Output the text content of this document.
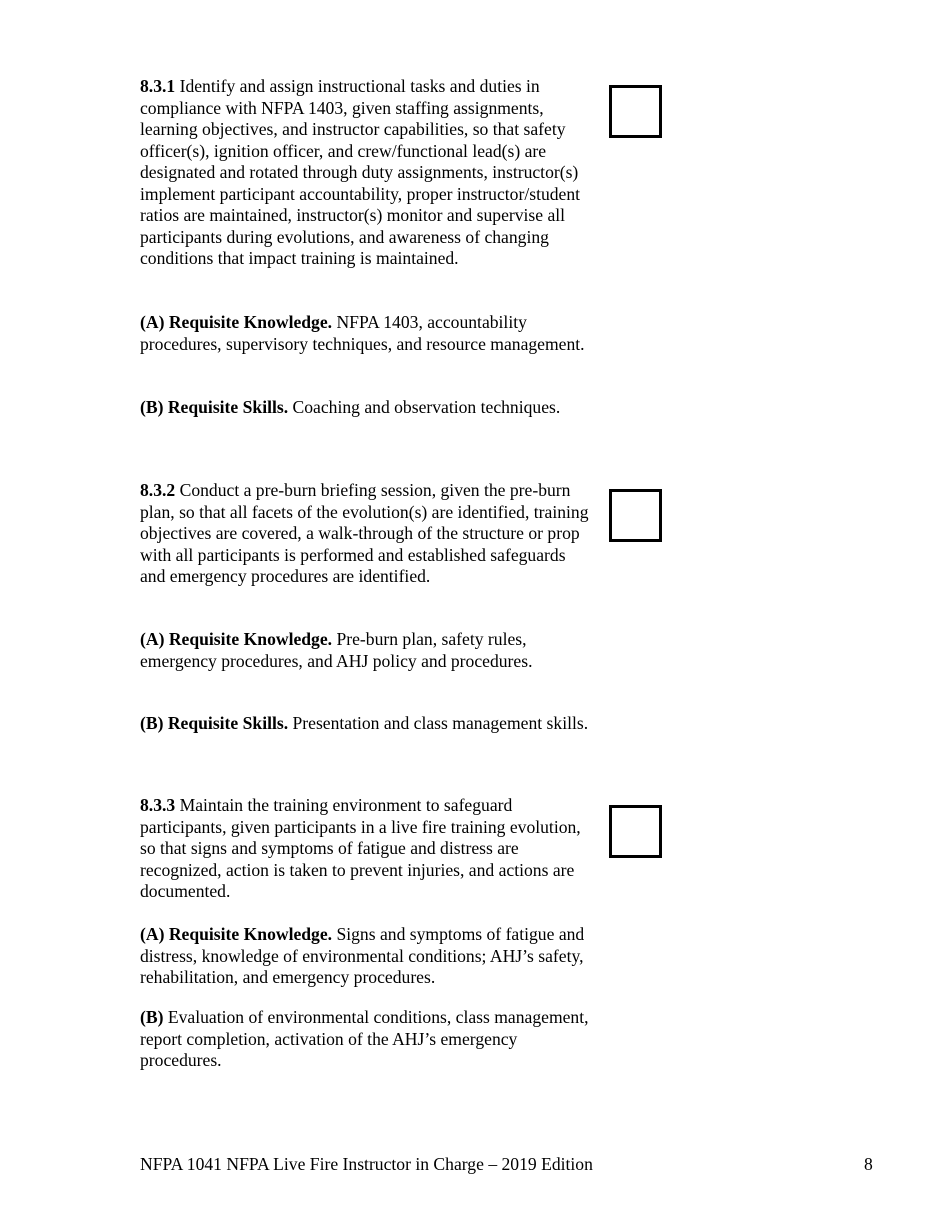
8.3.1 Identify and assign instructional tasks and duties in compliance with NFPA 1403, given staffing assignments, learning objectives, and instructor capabilities, so that safety officer(s), ignition officer, and crew/functional lead(s) are designated and rotated through duty assignments, instructor(s) implement participant accountability, proper instructor/student ratios are maintained, instructor(s) monitor and supervise all participants during evolutions, and awareness of changing conditions that impact training is maintained.

(A) Requisite Knowledge. NFPA 1403, accountability procedures, supervisory techniques, and resource management.

(B) Requisite Skills. Coaching and observation techniques.

8.3.2 Conduct a pre-burn briefing session, given the pre-burn plan, so that all facets of the evolution(s) are identified, training objectives are covered, a walk-through of the structure or prop with all participants is performed and established safeguards and emergency procedures are identified.

(A) Requisite Knowledge. Pre-burn plan, safety rules, emergency procedures, and AHJ policy and procedures.

(B) Requisite Skills. Presentation and class management skills.

8.3.3 Maintain the training environment to safeguard participants, given participants in a live fire training evolution, so that signs and symptoms of fatigue and distress are recognized, action is taken to prevent injuries, and actions are documented.

(A) Requisite Knowledge. Signs and symptoms of fatigue and distress, knowledge of environmental conditions; AHJ’s safety, rehabilitation, and emergency procedures.

(B) Evaluation of environmental conditions, class management, report completion, activation of the AHJ’s emergency procedures.

NFPA 1041 NFPA Live Fire Instructor in Charge – 2019 Edition	8
